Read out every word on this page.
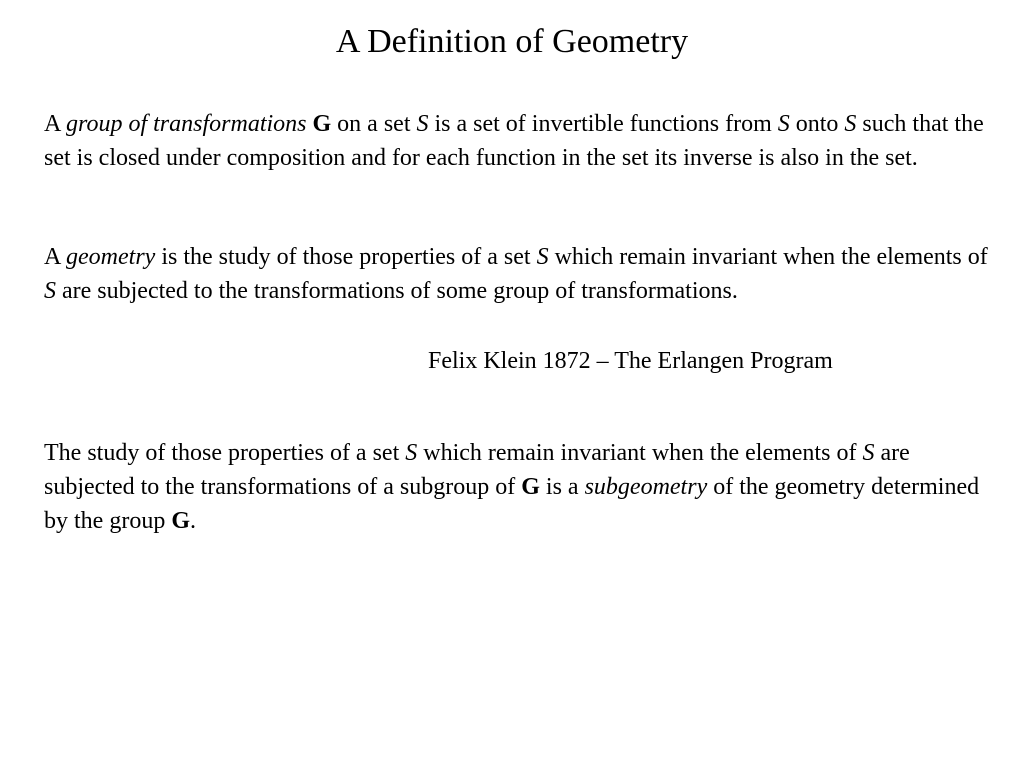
A Definition of Geometry

A group of transformations G on a set S is a set of invertible functions from S onto S such that the set is closed under composition and for each function in the set its inverse is also in the set.

A geometry is the study of those properties of a set S which remain invariant when the elements of S are subjected to the transformations of some group of transformations.

Felix Klein 1872 – The Erlangen Program

The study of those properties of a set S which remain invariant when the elements of S are subjected to the transformations of a subgroup of G is a subgeometry of the geometry determined by the group G.
